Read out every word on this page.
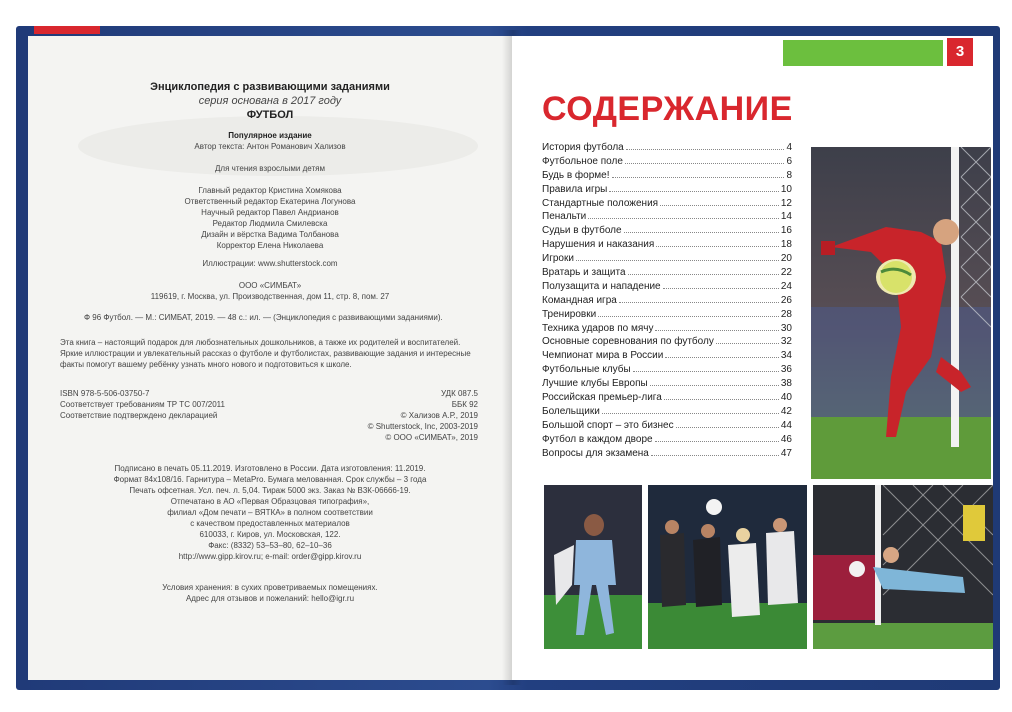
Энциклопедия с развивающими заданиями
серия основана в 2017 году
ФУТБОЛ
Популярное издание
Автор текста: Антон Романович Хализов
Для чтения взрослыми детям
Главный редактор Кристина Хомякова
Ответственный редактор Екатерина Логунова
Научный редактор Павел Андрианов
Редактор Людмила Смилевска
Дизайн и вёрстка Вадима Толбанова
Корректор Елена Николаева
Иллюстрации: www.shutterstock.com
ООО «СИМБАТ»
119619, г. Москва, ул. Производственная, дом 11, стр. 8, пом. 27
Ф 96 Футбол. — М.: СИМБАТ, 2019. — 48 с.: ил. — (Энциклопедия с развивающими заданиями).
Эта книга – настоящий подарок для любознательных дошкольников, а также их родителей и воспитателей.
Яркие иллюстрации и увлекательный рассказ о футболе и футболистах, развивающие задания и интересные
факты помогут вашему ребёнку узнать много нового и подготовиться к школе.
ISBN 978-5-506-03750-7
Соответствует требованиям ТР ТС 007/2011
Соответствие подтверждено декларацией
УДК 087.5
ББК 92
© Хализов А.Р., 2019
© Shutterstock, Inc, 2003-2019
© ООО «СИМБАТ», 2019
Подписано в печать 05.11.2019. Изготовлено в России. Дата изготовления: 11.2019.
Формат 84х108/16. Гарнитура – MetaPro. Бумага мелованная. Срок службы – 3 года
Печать офсетная. Усл. печ. л. 5,04. Тираж 5000 экз. Заказ № В3К-06666-19.
Отпечатано в АО «Первая Образцовая типография»,
филиал «Дом печати – ВЯТКА» в полном соответствии
с качеством предоставленных материалов
610033, г. Киров, ул. Московская, 122.
Факс: (8332) 53–53–80, 62–10–36
http://www.gipp.kirov.ru; e-mail: order@gipp.kirov.ru
Условия хранения: в сухих проветриваемых помещениях.
Адрес для отзывов и пожеланий: hello@igr.ru
3
СОДЕРЖАНИЕ
История футбола	4
Футбольное поле	6
Будь в форме!	8
Правила игры	10
Стандартные положения	12
Пенальти	14
Судьи в футболе	16
Нарушения и наказания	18
Игроки	20
Вратарь и защита	22
Полузащита и нападение	24
Командная игра	26
Тренировки	28
Техника ударов по мячу	30
Основные соревнования по футболу	32
Чемпионат мира в России	34
Футбольные клубы	36
Лучшие клубы Европы	38
Российская премьер-лига	40
Болельщики	42
Большой спорт – это бизнес	44
Футбол в каждом дворе	46
Вопросы для экзамена	47
